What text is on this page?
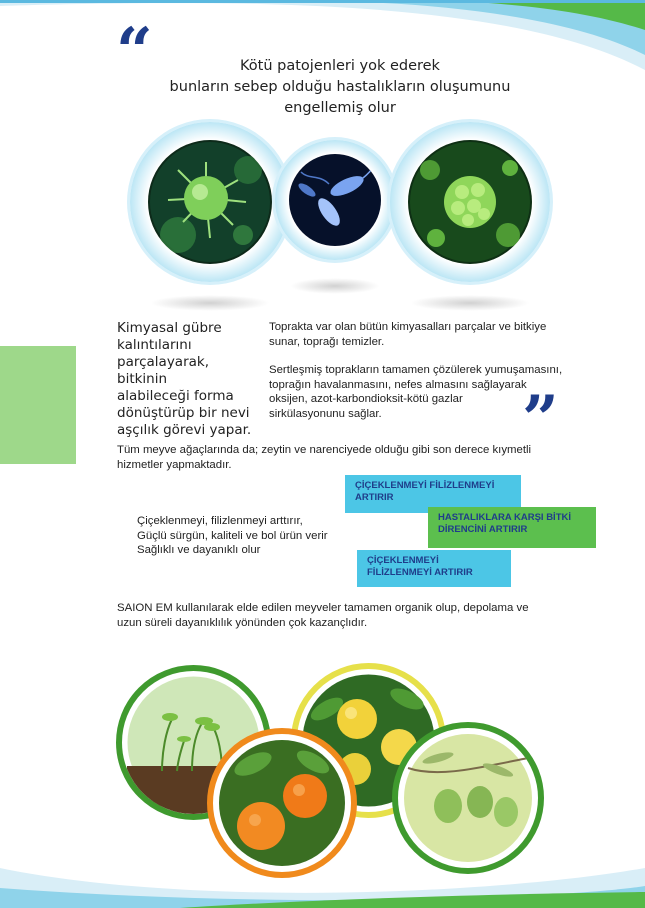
“	Kötü patojenleri yok ederek
bunların sebep olduğu hastalıkların oluşumunu
engellemiş olur
Kimyasal gübre
kalıntılarını
parçalayarak, bitkinin
alabileceği forma
dönüştürüp bir nevi
aşçılık görevi yapar.
Toprakta var olan bütün kimyasalları parçalar ve bitkiye
sunar, toprağı temizler.
Sertleşmiş toprakların tamamen çözülerek yumuşamasını,
toprağın havalanmasını, nefes almasını sağlayarak
oksijen, azot-karbondioksit-kötü gazlar
sirkülasyonunu sağlar.	”
Tüm meyve ağaçlarında da; zeytin ve narenciyede olduğu gibi son derece kıymetli
hizmetler yapmaktadır.
Çiçeklenmeyi, filizlenmeyi arttırır,
Güçlü sürgün, kaliteli ve bol ürün verir
Sağlıklı ve dayanıklı olur
ÇİÇEKLENMEYİ FİLİZLENMEYİ
ARTIRIR
HASTALIKLARA KARŞI BİTKİ
DİRENCİNİ ARTIRIR
ÇİÇEKLENMEYİ
FİLİZLENMEYİ ARTIRIR
SAION EM kullanılarak elde edilen meyveler tamamen organik olup, depolama ve
uzun süreli dayanıklılık yönünden çok kazançlıdır.
